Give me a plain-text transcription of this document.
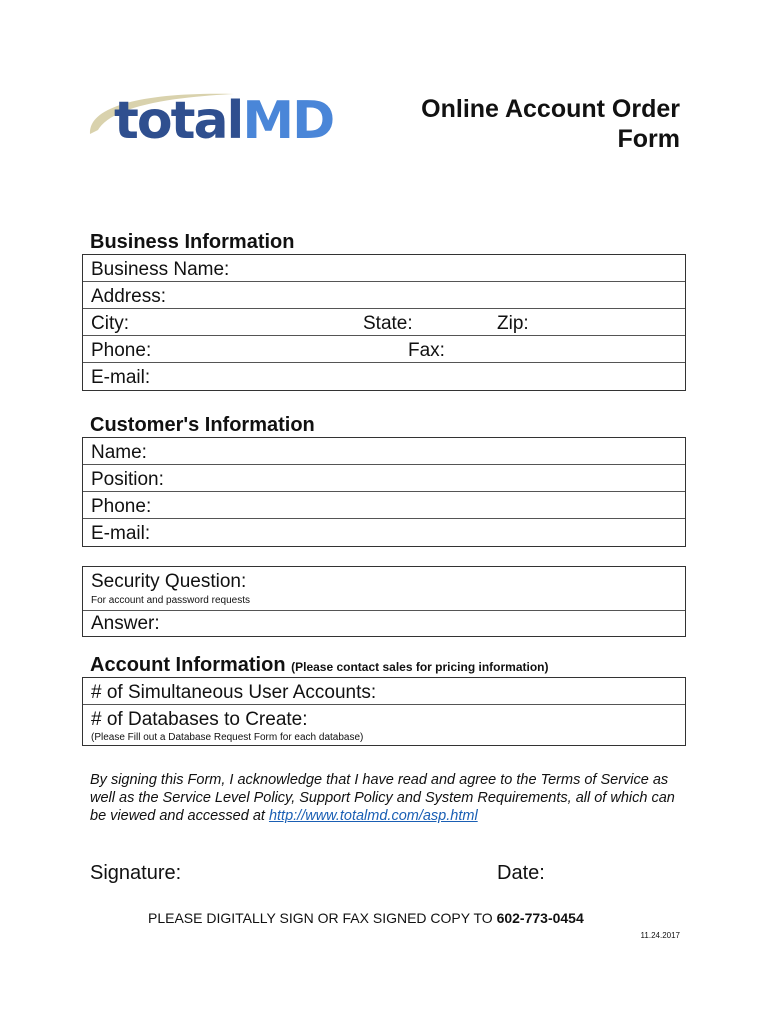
totalMD	Online Account Order
Form
Business Information
Business Name:
Address:
City:	State:	Zip:
Phone:	Fax:
E-mail:
Customer's Information
Name:
Position:
Phone:
E-mail:
Security Question:
For account and password requests
Answer:
Account Information (Please contact sales for pricing information)
# of Simultaneous User Accounts:
# of Databases to Create:
(Please Fill out a Database Request Form for each database)
By signing this Form, I acknowledge that I have read and agree to the Terms of Service as well as the Service Level Policy, Support Policy and System Requirements, all of which can be viewed and accessed at http://www.totalmd.com/asp.html
Signature:	Date:
PLEASE DIGITALLY SIGN OR FAX SIGNED COPY TO 602-773-0454
11.24.2017
